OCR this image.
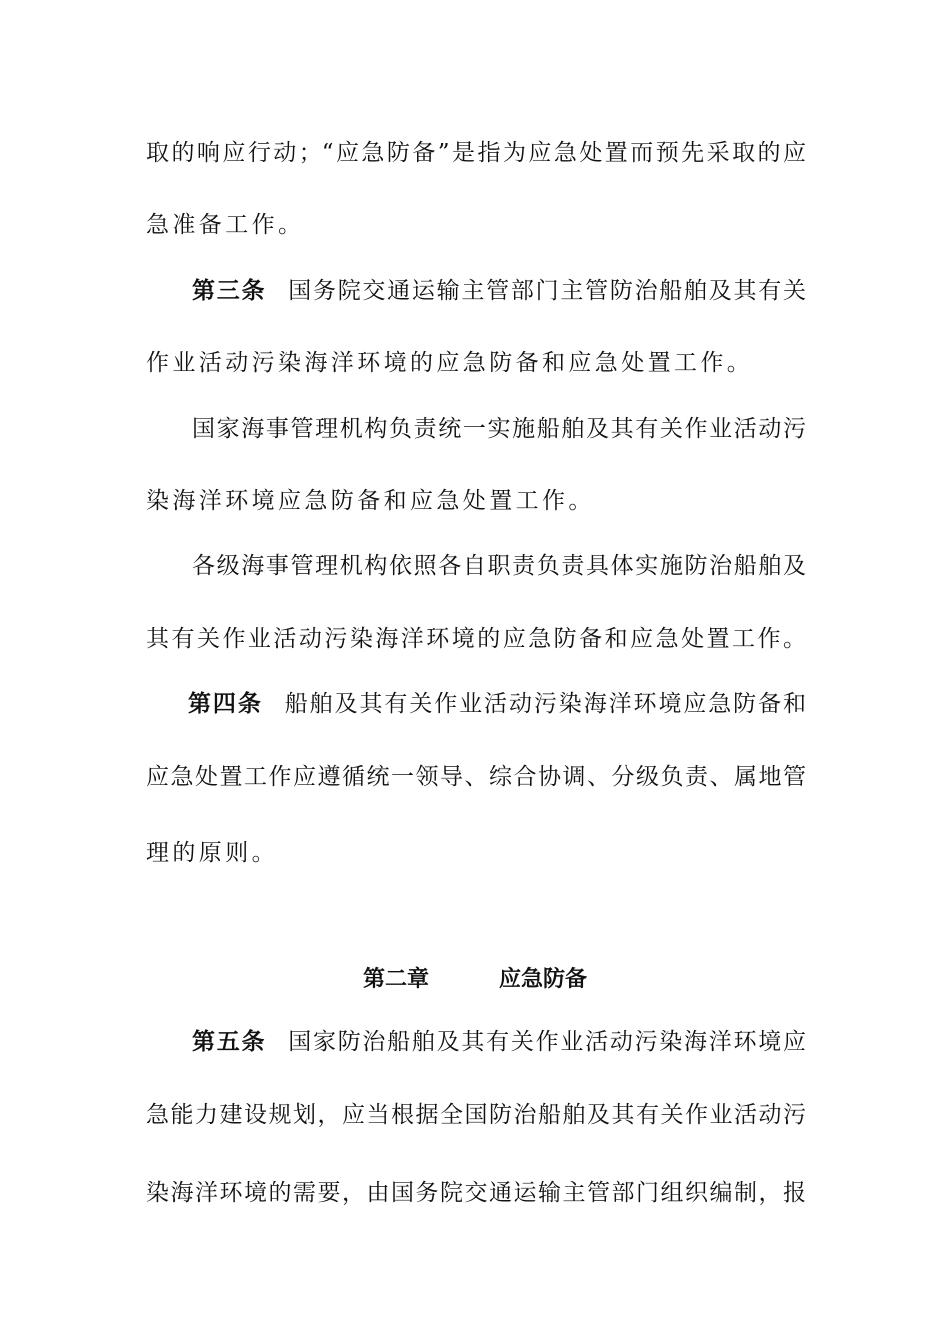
取的响应行动；“应急防备”是指为应急处置而预先采取的应
急准备工作。
第三条 国务院交通运输主管部门主管防治船舶及其有关
作业活动污染海洋环境的应急防备和应急处置工作。
国家海事管理机构负责统一实施船舶及其有关作业活动污
染海洋环境应急防备和应急处置工作。
各级海事管理机构依照各自职责负责具体实施防治船舶及
其有关作业活动污染海洋环境的应急防备和应急处置工作。
第四条 船舶及其有关作业活动污染海洋环境应急防备和
应急处置工作应遵循统一领导、综合协调、分级负责、属地管
理的原则。
第二章	应急防备
第五条 国家防治船舶及其有关作业活动污染海洋环境应
急能力建设规划，应当根据全国防治船舶及其有关作业活动污
染海洋环境的需要，由国务院交通运输主管部门组织编制，报
